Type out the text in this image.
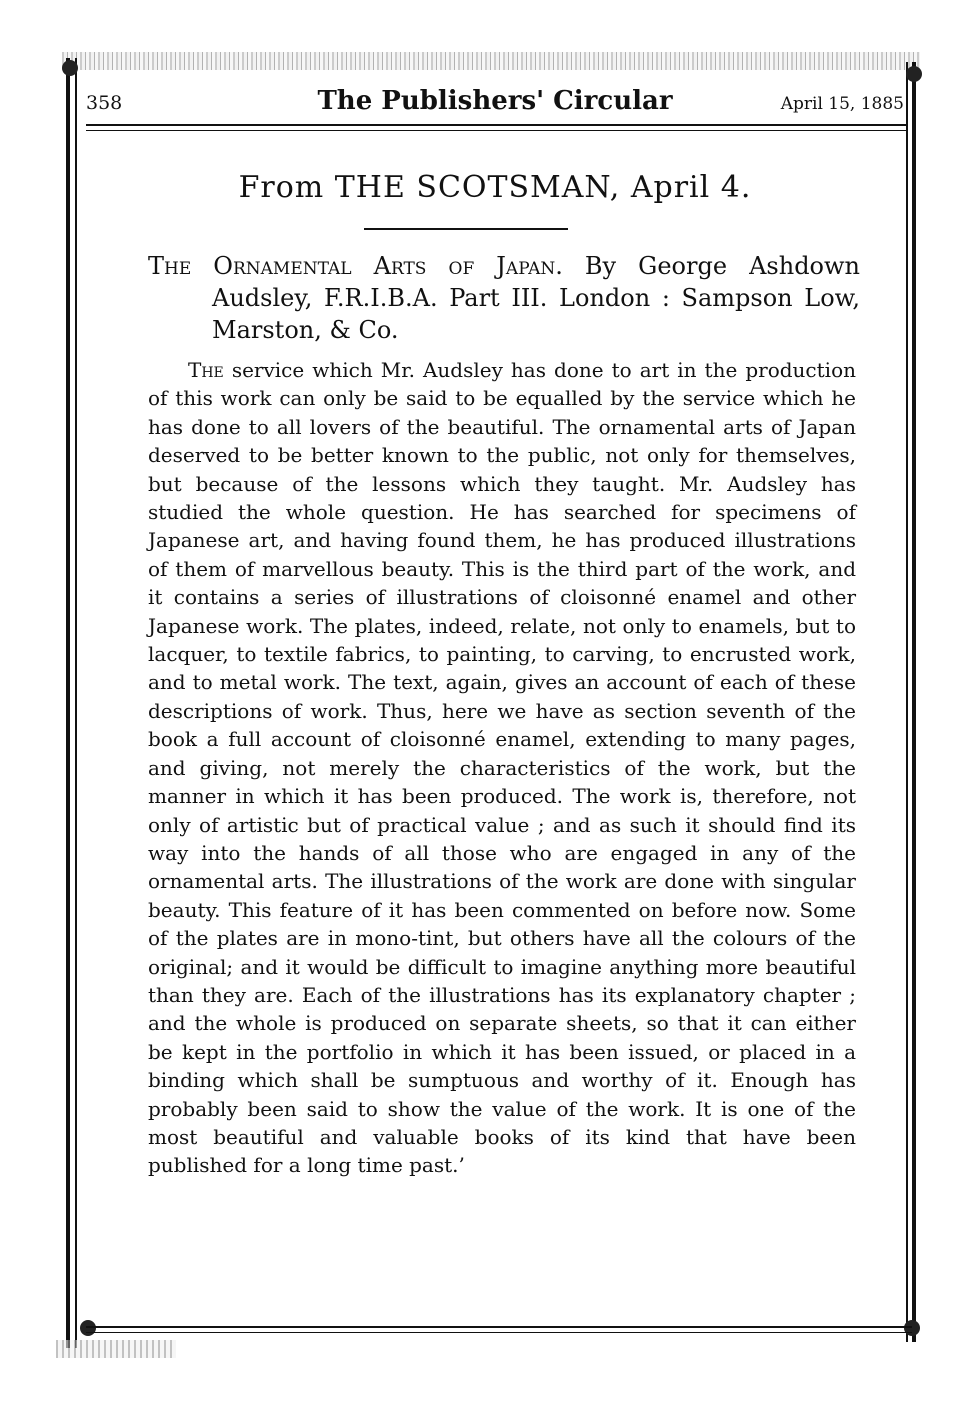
358	The Publishers' Circular	April 15, 1885
From THE SCOTSMAN, April 4.

The Ornamental Arts of Japan. By George Ashdown Audsley, F.R.I.B.A. Part III. London : Sampson Low, Marston, & Co.

The service which Mr. Audsley has done to art in the production of this work can only be said to be equalled by the service which he has done to all lovers of the beautiful. The ornamental arts of Japan deserved to be better known to the public, not only for themselves, but because of the lessons which they taught. Mr. Audsley has studied the whole question. He has searched for specimens of Japanese art, and having found them, he has produced illustrations of them of marvellous beauty. This is the third part of the work, and it contains a series of illustrations of cloisonné enamel and other Japanese work. The plates, indeed, relate, not only to enamels, but to lacquer, to textile fabrics, to painting, to carving, to encrusted work, and to metal work. The text, again, gives an account of each of these descriptions of work. Thus, here we have as section seventh of the book a full account of cloisonné enamel, extending to many pages, and giving, not merely the characteristics of the work, but the manner in which it has been produced. The work is, therefore, not only of artistic but of practical value ; and as such it should find its way into the hands of all those who are engaged in any of the ornamental arts. The illustrations of the work are done with singular beauty. This feature of it has been commented on before now. Some of the plates are in mono-tint, but others have all the colours of the original; and it would be difficult to imagine anything more beautiful than they are. Each of the illustrations has its explanatory chapter ; and the whole is produced on separate sheets, so that it can either be kept in the portfolio in which it has been issued, or placed in a binding which shall be sumptuous and worthy of it. Enough has probably been said to show the value of the work. It is one of the most beautiful and valuable books of its kind that have been published for a long time past.’
